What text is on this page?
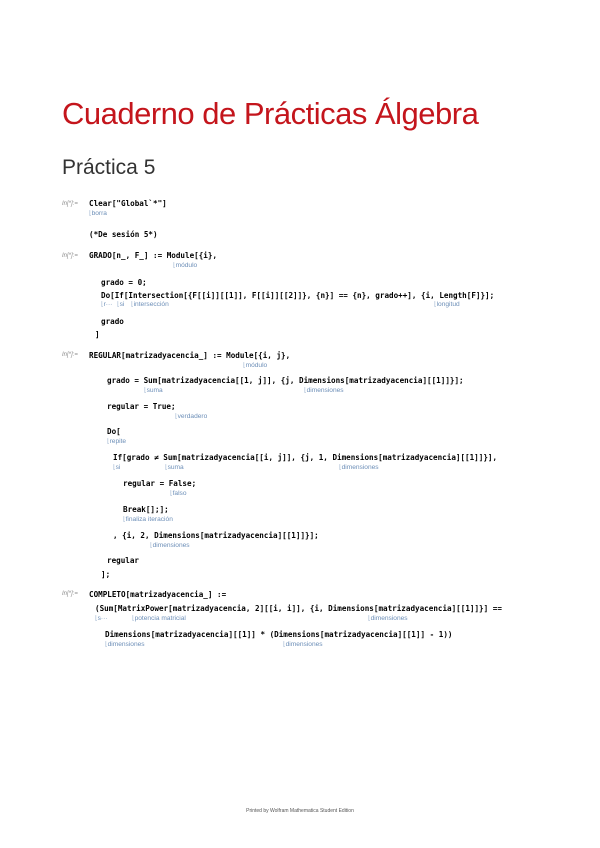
Cuaderno de Prácticas Álgebra
Práctica 5
In[*]:=
In[*]:=
In[*]:=
In[*]:=
Clear["Global`*"]
⌊borra
(*De sesión 5*)
GRADO[n_, F_] := Module[{i},
⌊módulo
grado = 0;
Do[If[Intersection[{F[[i]][[1]], F[[i]][[2]]}, {n}] == {n}, grado++], {i, Length[F]}];
⌊r··· ⌊si ⌊intersección	⌊longitud
grado
]
REGULAR[matrizadyacencia_] := Module[{i, j},
⌊módulo
grado = Sum[matrizadyacencia[[1, j]], {j, Dimensions[matrizadyacencia][[1]]}];
⌊suma	⌊dimensiones
regular = True;
⌊verdadero
Do[
⌊repite
If[grado ≠ Sum[matrizadyacencia[[i, j]], {j, 1, Dimensions[matrizadyacencia][[1]]}],
⌊si	⌊suma	⌊dimensiones
regular = False;
⌊falso
Break[];];
⌊finaliza iteración
, {i, 2, Dimensions[matrizadyacencia][[1]]}];
⌊dimensiones
regular
];
COMPLETO[matrizadyacencia_] :=
(Sum[MatrixPower[matrizadyacencia, 2][[i, i]], {i, Dimensions[matrizadyacencia][[1]]}] ==
⌊s···	⌊potencia matricial	⌊dimensiones
Dimensions[matrizadyacencia][[1]] * (Dimensions[matrizadyacencia][[1]] - 1))
⌊dimensiones	⌊dimensiones
Printed by Wolfram Mathematica Student Edition
